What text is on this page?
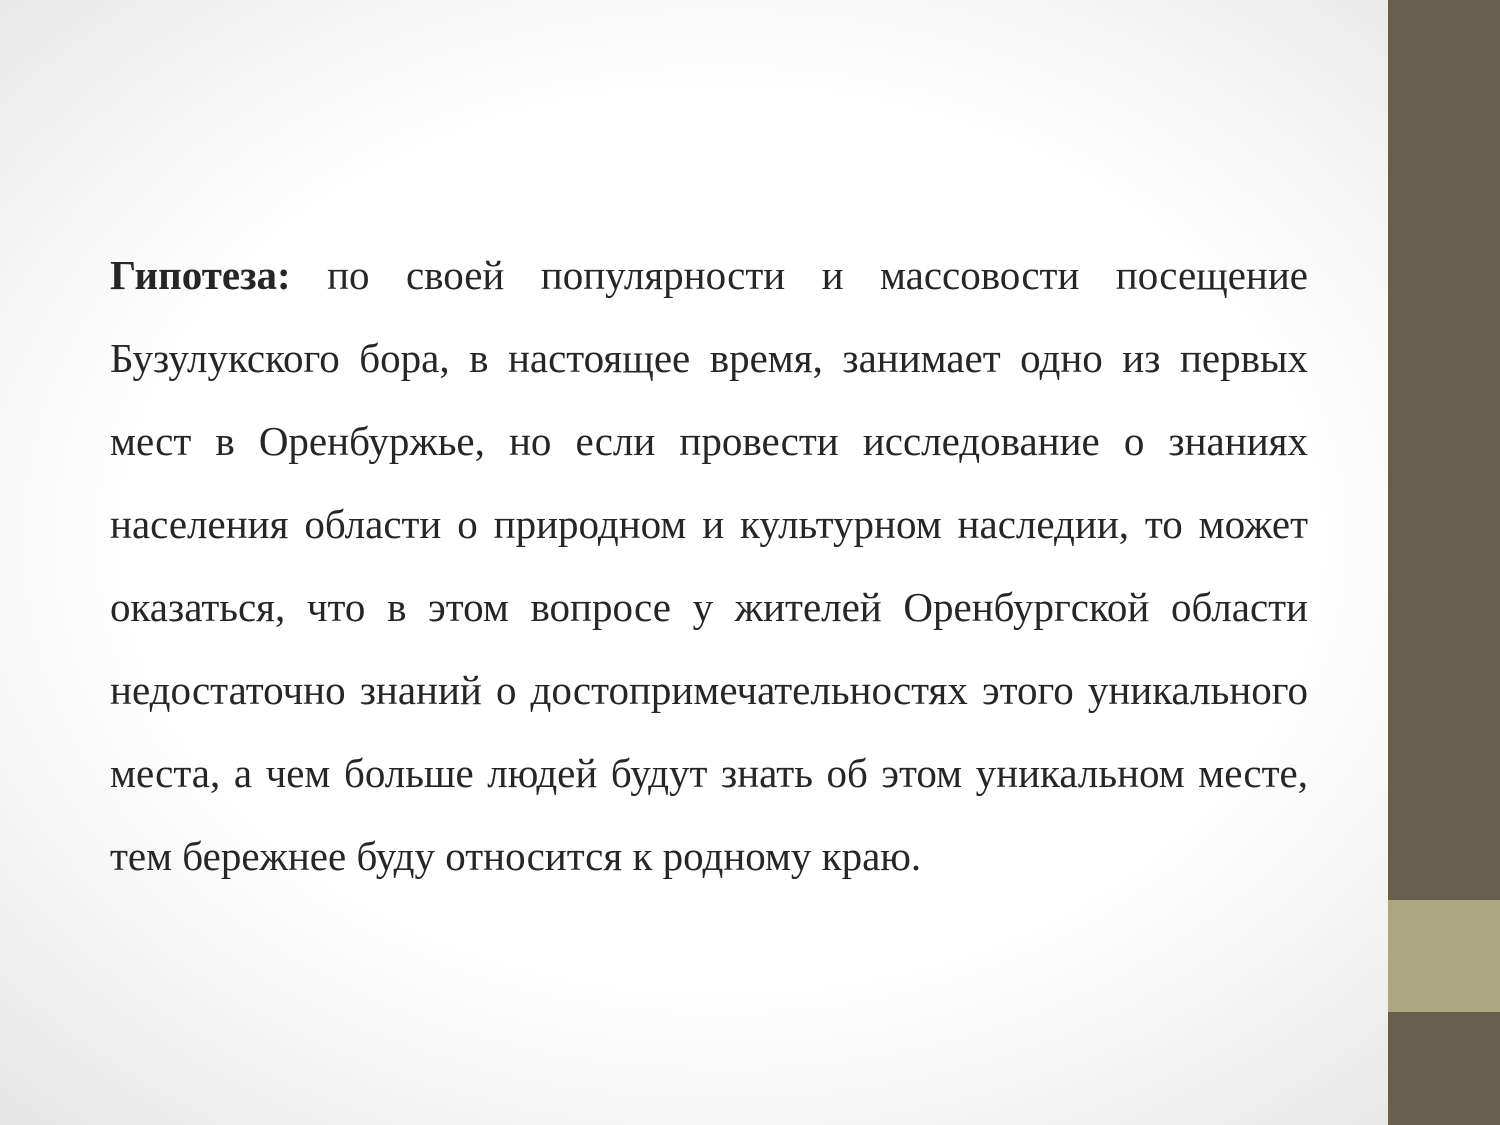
Гипотеза: по своей популярности и массовости посещение Бузулукского бора, в настоящее время, занимает одно из первых мест в Оренбуржье, но если провести исследование о знаниях населения области о природном и культурном наследии, то может оказаться, что в этом вопросе у жителей Оренбургской области недостаточно знаний о достопримечательностях этого уникального места, а чем больше людей будут знать об этом уникальном месте, тем бережнее буду относится к родному краю.
